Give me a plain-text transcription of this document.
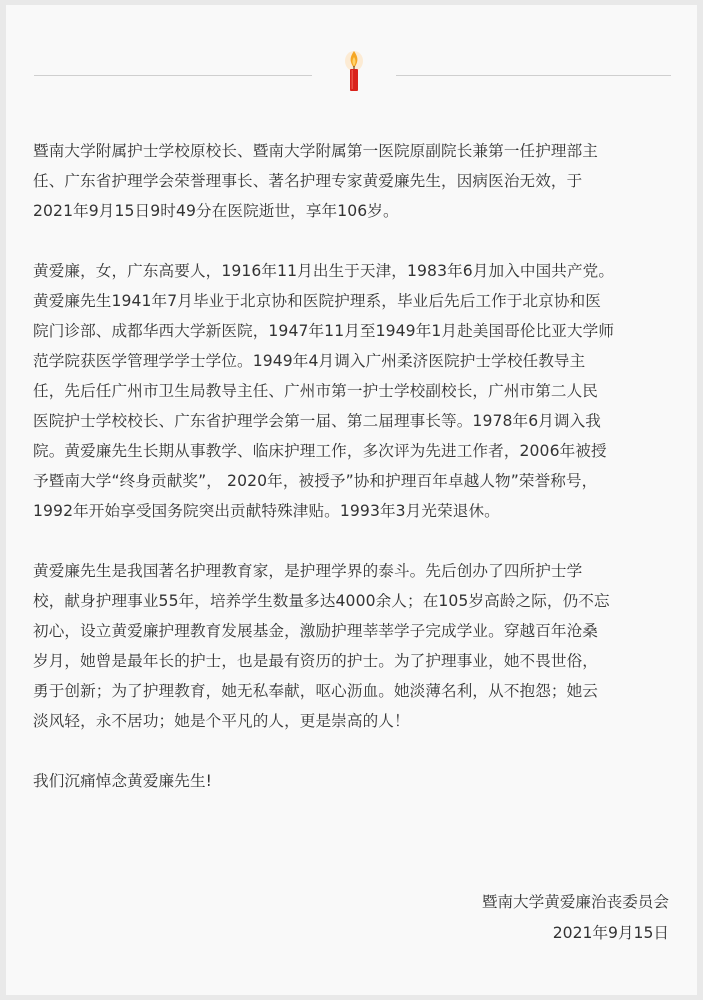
暨南大学附属护士学校原校长、暨南大学附属第一医院原副院长兼第一任护理部主
任、广东省护理学会荣誉理事长、著名护理专家黄爱廉先生，因病医治无效，于
2021年9月15日9时49分在医院逝世，享年106岁。
黄爱廉，女，广东高要人，1916年11月出生于天津，1983年6月加入中国共产党。
黄爱廉先生1941年7月毕业于北京协和医院护理系，毕业后先后工作于北京协和医
院门诊部、成都华西大学新医院，1947年11月至1949年1月赴美国哥伦比亚大学师
范学院获医学管理学学士学位。1949年4月调入广州柔济医院护士学校任教导主
任，先后任广州市卫生局教导主任、广州市第一护士学校副校长，广州市第二人民
医院护士学校校长、广东省护理学会第一届、第二届理事长等。1978年6月调入我
院。黄爱廉先生长期从事教学、临床护理工作，多次评为先进工作者，2006年被授
予暨南大学“终身贡献奖”， 2020年，被授予”协和护理百年卓越人物”荣誉称号，
1992年开始享受国务院突出贡献特殊津贴。1993年3月光荣退休。
黄爱廉先生是我国著名护理教育家，是护理学界的泰斗。先后创办了四所护士学
校，献身护理事业55年，培养学生数量多达4000余人；在105岁高龄之际，仍不忘
初心，设立黄爱廉护理教育发展基金，激励护理莘莘学子完成学业。穿越百年沧桑
岁月，她曾是最年长的护士，也是最有资历的护士。为了护理事业，她不畏世俗，
勇于创新；为了护理教育，她无私奉献，呕心沥血。她淡薄名利，从不抱怨；她云
淡风轻，永不居功；她是个平凡的人，更是崇高的人！
我们沉痛悼念黄爱廉先生!
暨南大学黄爱廉治丧委员会
2021年9月15日
